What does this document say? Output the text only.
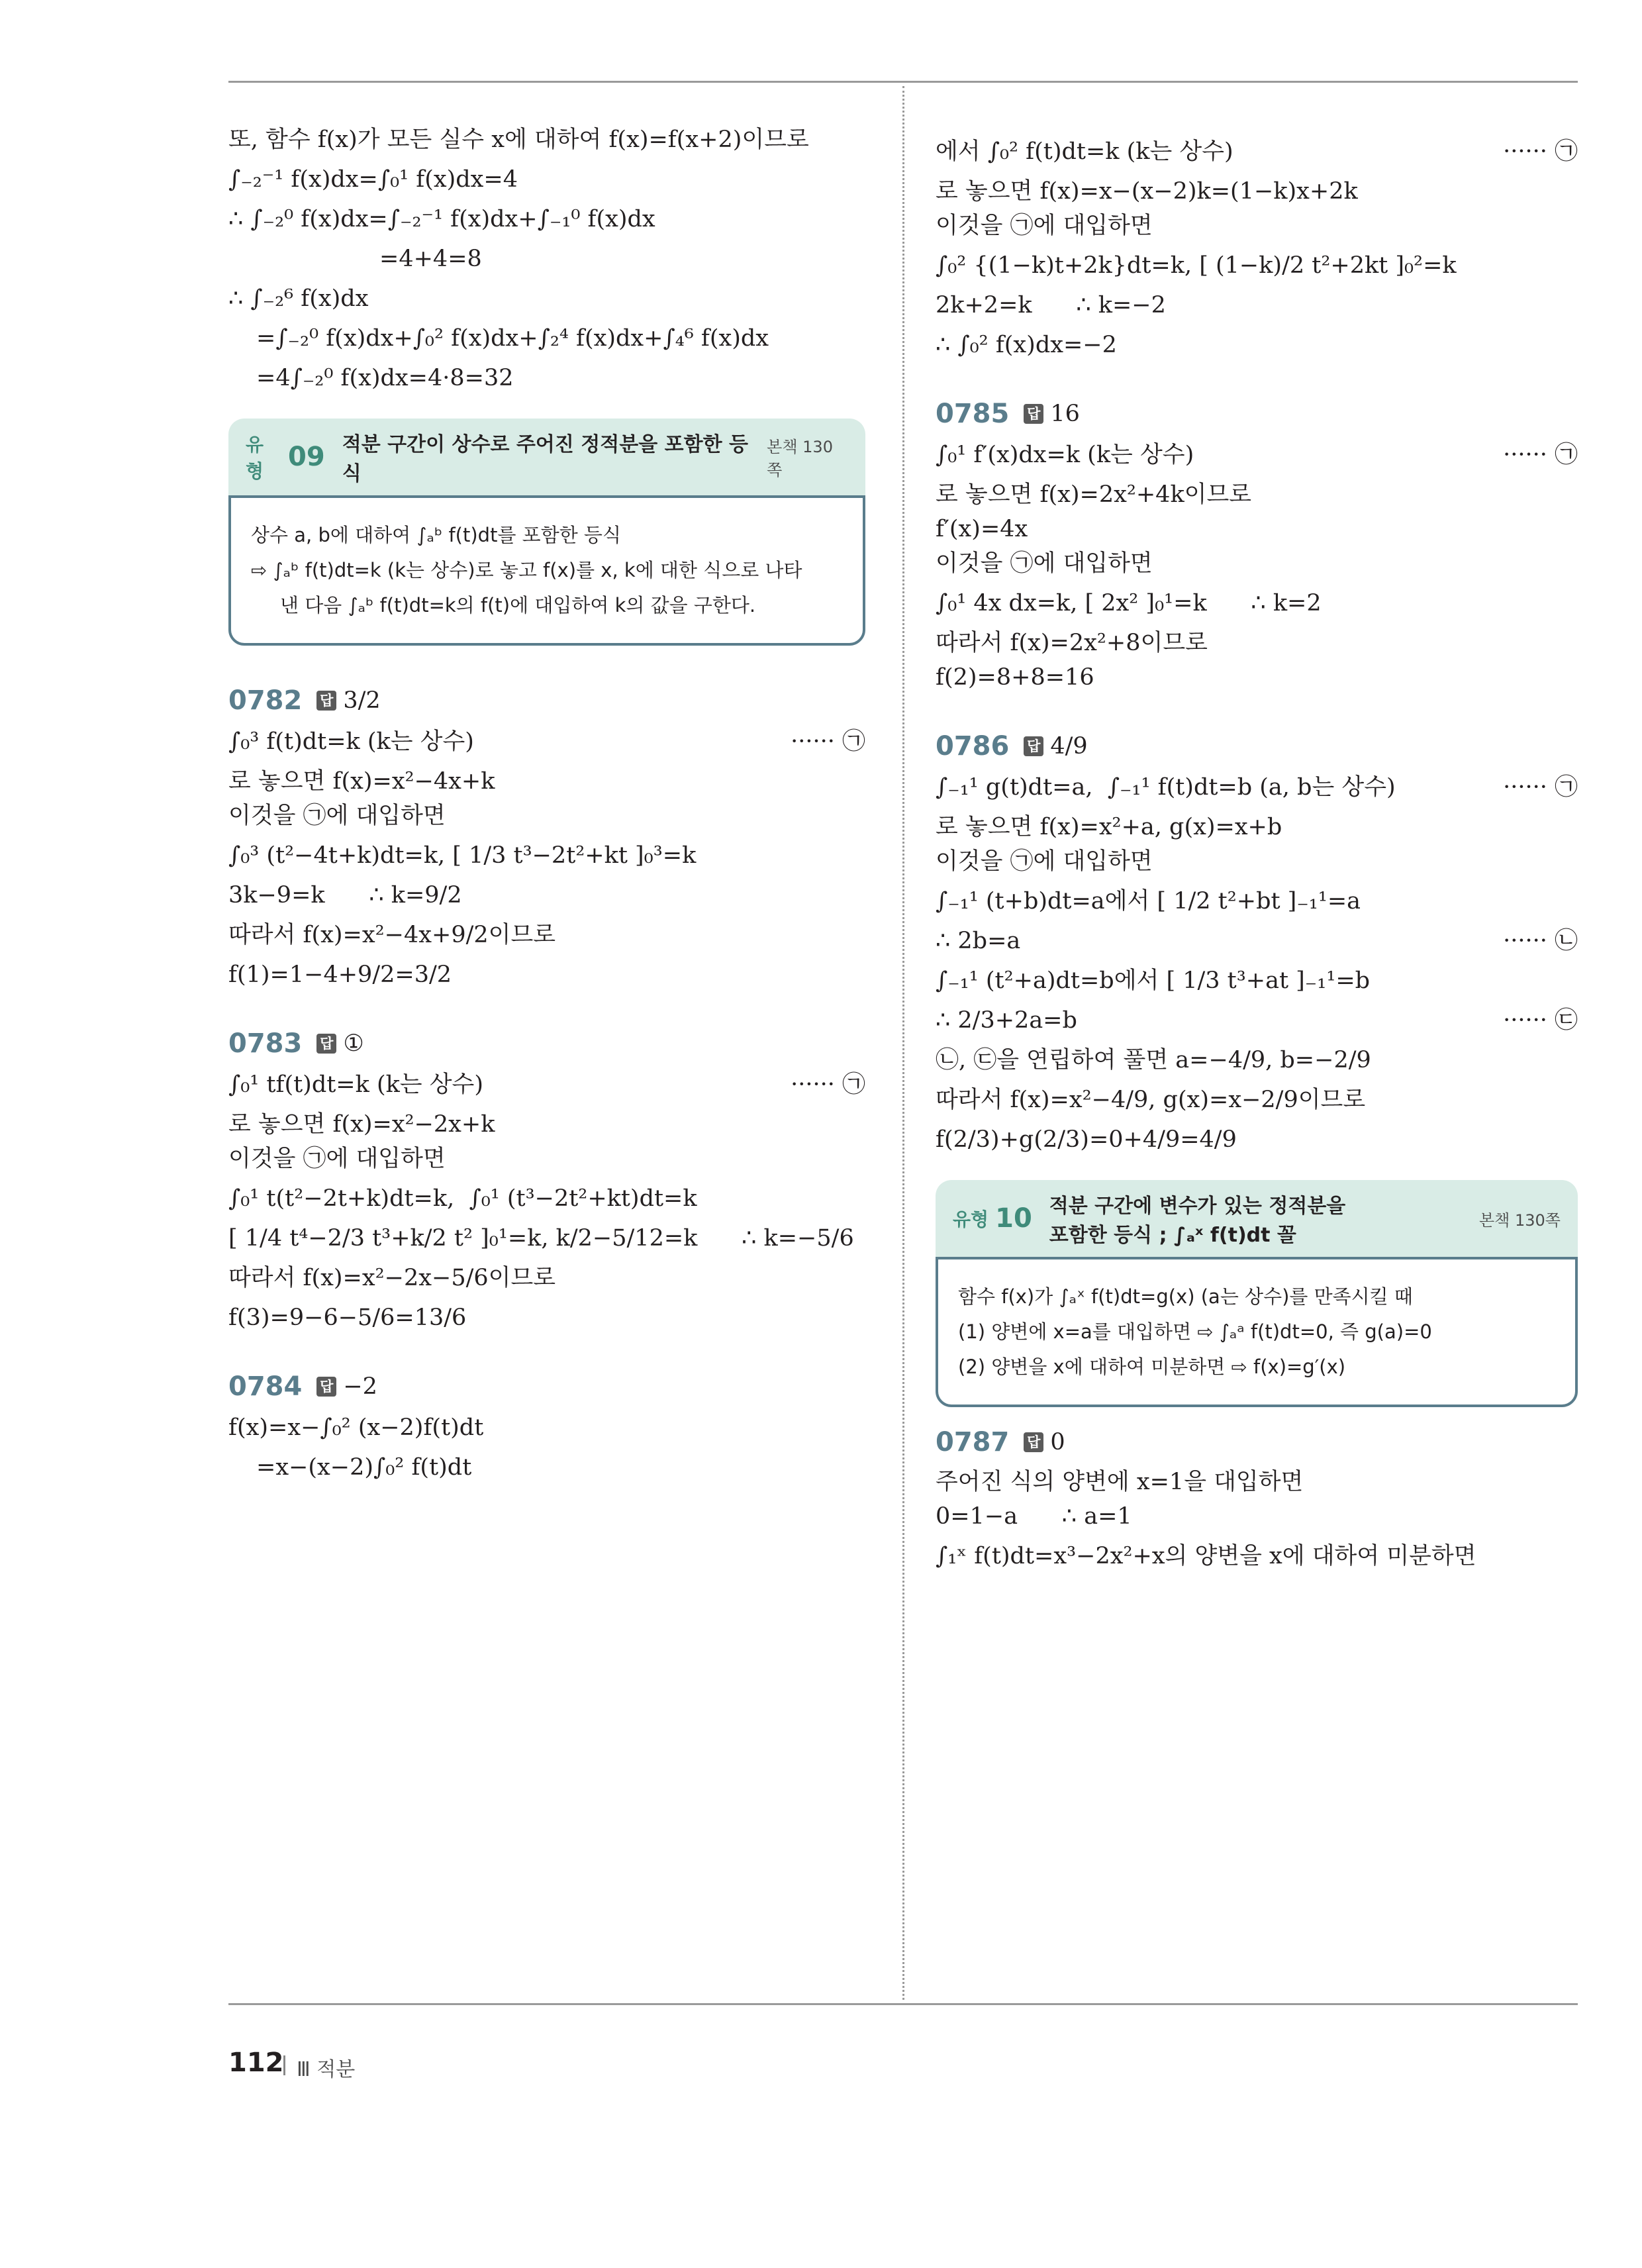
또, 함수 f(x)가 모든 실수 x에 대하여 f(x)=f(x+2)이므로
∫₋₂⁻¹ f(x)dx=∫₀¹ f(x)dx=4
∴ ∫₋₂⁰ f(x)dx=∫₋₂⁻¹ f(x)dx+∫₋₁⁰ f(x)dx
=4+4=8
∴ ∫₋₂⁶ f(x)dx
=∫₋₂⁰ f(x)dx+∫₀² f(x)dx+∫₂⁴ f(x)dx+∫₄⁶ f(x)dx
=4∫₋₂⁰ f(x)dx=4·8=32
유형 09 적분 구간이 상수로 주어진 정적분을 포함한 등식
본책 130쪽
상수 a, b에 대하여 ∫ₐᵇ f(t)dt를 포함한 등식
⇨ ∫ₐᵇ f(t)dt=k (k는 상수)로 놓고 f(x)를 x, k에 대한 식으로 나타
낸 다음 ∫ₐᵇ f(t)dt=k의 f(t)에 대입하여 k의 값을 구한다.
0782 답 3/2
∫₀³ f(t)dt=k (k는 상수)	······ ㉠
로 놓으면 f(x)=x²−4x+k
이것을 ㉠에 대입하면
∫₀³ (t²−4t+k)dt=k, [ 1/3 t³−2t²+kt ]₀³=k
3k−9=k      ∴ k=9/2
따라서 f(x)=x²−4x+9/2이므로
f(1)=1−4+9/2=3/2
0783 답 ①
∫₀¹ tf(t)dt=k (k는 상수)	······ ㉠
로 놓으면 f(x)=x²−2x+k
이것을 ㉠에 대입하면
∫₀¹ t(t²−2t+k)dt=k,  ∫₀¹ (t³−2t²+kt)dt=k
[ 1/4 t⁴−2/3 t³+k/2 t² ]₀¹=k, k/2−5/12=k      ∴ k=−5/6
따라서 f(x)=x²−2x−5/6이므로
f(3)=9−6−5/6=13/6
0784 답 −2
f(x)=x−∫₀² (x−2)f(t)dt
=x−(x−2)∫₀² f(t)dt
에서 ∫₀² f(t)dt=k (k는 상수)	······ ㉠
로 놓으면 f(x)=x−(x−2)k=(1−k)x+2k
이것을 ㉠에 대입하면
∫₀² {(1−k)t+2k}dt=k, [ (1−k)/2 t²+2kt ]₀²=k
2k+2=k      ∴ k=−2
∴ ∫₀² f(x)dx=−2
0785 답 16
∫₀¹ f′(x)dx=k (k는 상수)	······ ㉠
로 놓으면 f(x)=2x²+4k이므로
f′(x)=4x
이것을 ㉠에 대입하면
∫₀¹ 4x dx=k, [ 2x² ]₀¹=k      ∴ k=2
따라서 f(x)=2x²+8이므로
f(2)=8+8=16
0786 답 4/9
∫₋₁¹ g(t)dt=a,  ∫₋₁¹ f(t)dt=b (a, b는 상수)	······ ㉠
로 놓으면 f(x)=x²+a, g(x)=x+b
이것을 ㉠에 대입하면
∫₋₁¹ (t+b)dt=a에서 [ 1/2 t²+bt ]₋₁¹=a
∴ 2b=a	······ ㉡
∫₋₁¹ (t²+a)dt=b에서 [ 1/3 t³+at ]₋₁¹=b
∴ 2/3+2a=b	······ ㉢
㉡, ㉢을 연립하여 풀면 a=−4/9, b=−2/9
따라서 f(x)=x²−4/9, g(x)=x−2/9이므로
f(2/3)+g(2/3)=0+4/9=4/9
유형 10 적분 구간에 변수가 있는 정적분을
포함한 등식 ; ∫ₐˣ f(t)dt 꼴
본책 130쪽
함수 f(x)가 ∫ₐˣ f(t)dt=g(x) (a는 상수)를 만족시킬 때
(1) 양변에 x=a를 대입하면 ⇨ ∫ₐᵃ f(t)dt=0, 즉 g(a)=0
(2) 양변을 x에 대하여 미분하면 ⇨ f(x)=g′(x)
0787 답 0
주어진 식의 양변에 x=1을 대입하면
0=1−a      ∴ a=1
∫₁ˣ f(t)dt=x³−2x²+x의 양변을 x에 대하여 미분하면
112 Ⅲ 적분
